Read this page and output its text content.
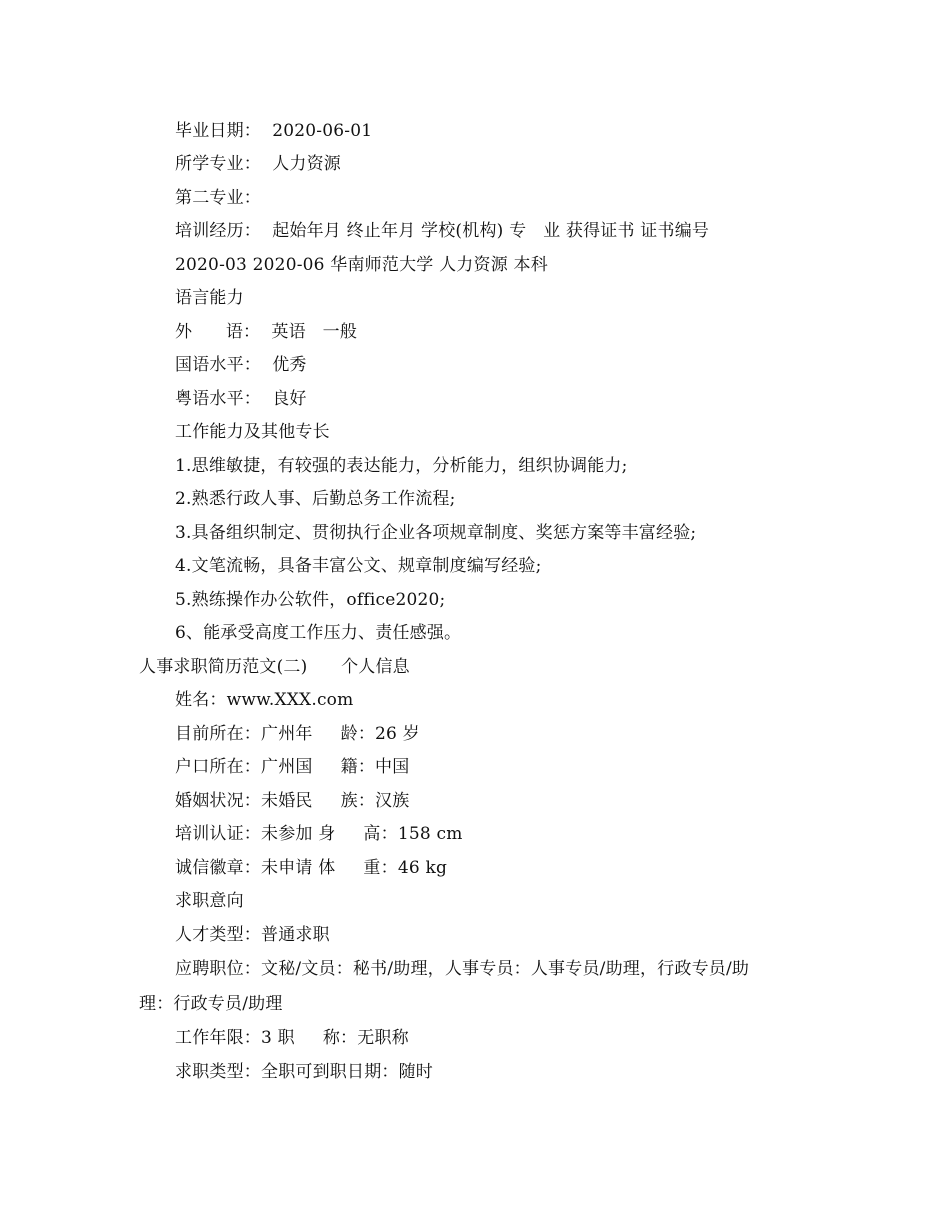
毕业日期：  2020-06-01
所学专业：  人力资源
第二专业：
培训经历：  起始年月 终止年月 学校(机构) 专   业 获得证书 证书编号
2020-03 2020-06 华南师范大学 人力资源 本科
语言能力
外      语：  英语   一般
国语水平：  优秀
粤语水平：  良好
工作能力及其他专长
1.思维敏捷，有较强的表达能力，分析能力，组织协调能力;
2.熟悉行政人事、后勤总务工作流程;
3.具备组织制定、贯彻执行企业各项规章制度、奖惩方案等丰富经验;
4.文笔流畅，具备丰富公文、规章制度编写经验;
5.熟练操作办公软件，office2020;
6、能承受高度工作压力、责任感强。
人事求职简历范文(二)      个人信息
姓名：www.XXX.com
目前所在：广州年     龄：26 岁
户口所在：广州国     籍：中国
婚姻状况：未婚民     族：汉族
培训认证：未参加 身     高：158 cm
诚信徽章：未申请 体     重：46 kg
求职意向
人才类型：普通求职
应聘职位：文秘/文员：秘书/助理，人事专员：人事专员/助理，行政专员/助
理：行政专员/助理
工作年限：3 职     称：无职称
求职类型：全职可到职日期：随时
